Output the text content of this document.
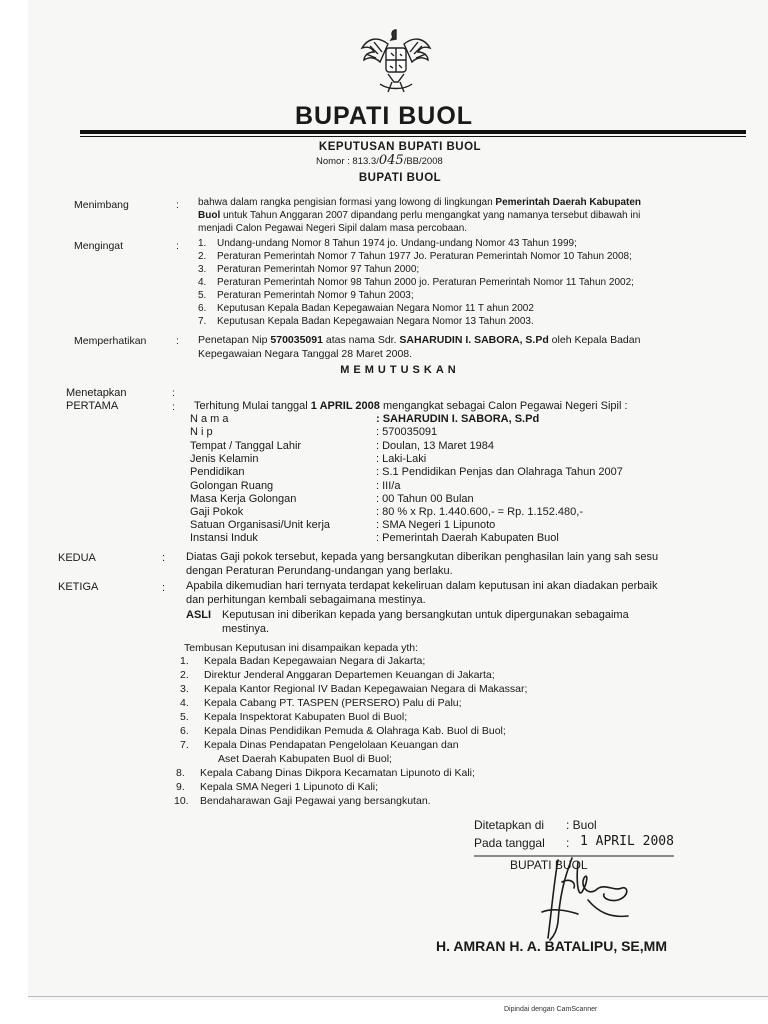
BUPATI BUOL
KEPUTUSAN BUPATI BUOL
Nomor : 813.3/045/BB/2008
BUPATI BUOL
Menimbang	: bahwa dalam rangka pengisian formasi yang lowong di lingkungan Pemerintah Daerah Kabupaten
Buol untuk Tahun Anggaran 2007 dipandang perlu mengangkat yang namanya tersebut dibawah ini
menjadi Calon Pegawai Negeri Sipil dalam masa percobaan.
Mengingat	: 1. Undang-undang Nomor 8 Tahun 1974 jo. Undang-undang Nomor 43 Tahun 1999;
2. Peraturan Pemerintah Nomor 7 Tahun 1977 Jo. Peraturan Pemerintah Nomor 10 Tahun 2008;
3. Peraturan Pemerintah Nomor 97 Tahun 2000;
4. Peraturan Pemerintah Nomor 98 Tahun 2000 jo. Peraturan Pemerintah Nomor 11 Tahun 2002;
5. Peraturan Pemerintah Nomor 9 Tahun 2003;
6. Keputusan Kepala Badan Kepegawaian Negara Nomor 11 T ahun 2002
7. Keputusan Kepala Badan Kepegawaian Negara Nomor 13 Tahun 2003.
Memperhatikan	: Penetapan Nip 570035091 atas nama Sdr. SAHARUDIN I. SABORA, S.Pd oleh Kepala Badan
Kepegawaian Negara Tanggal 28 Maret 2008.
MEMUTUSKAN
Menetapkan	:
PERTAMA	: Terhitung Mulai tanggal 1 APRIL 2008 mengangkat sebagai Calon Pegawai Negeri Sipil :
N a m a	: SAHARUDIN I. SABORA, S.Pd
N i p	: 570035091
Tempat / Tanggal Lahir	: Doulan, 13 Maret 1984
Jenis Kelamin	: Laki-Laki
Pendidikan	: S.1 Pendidikan Penjas dan Olahraga Tahun 2007
Golongan Ruang	: III/a
Masa Kerja Golongan	: 00 Tahun 00 Bulan
Gaji Pokok	: 80 % x Rp. 1.440.600,- = Rp. 1.152.480,-
Satuan Organisasi/Unit kerja	: SMA Negeri 1 Lipunoto
Instansi Induk	: Pemerintah Daerah Kabupaten Buol
KEDUA	: Diatas Gaji pokok tersebut, kepada yang bersangkutan diberikan penghasilan lain yang sah sesu
dengan Peraturan Perundang-undangan yang berlaku.
KETIGA	: Apabila dikemudian hari ternyata terdapat kekeliruan dalam keputusan ini akan diadakan perbaik
dan perhitungan kembali sebagaimana mestinya.
ASLI Keputusan ini diberikan kepada yang bersangkutan untuk dipergunakan sebagaima
mestinya.
Tembusan Keputusan ini disampaikan kepada yth:
1. Kepala Badan Kepegawaian Negara di Jakarta;
2. Direktur Jenderal Anggaran Departemen Keuangan di Jakarta;
3. Kepala Kantor Regional IV Badan Kepegawaian Negara di Makassar;
4. Kepala Cabang PT. TASPEN (PERSERO) Palu di Palu;
5. Kepala Inspektorat Kabupaten Buol di Buol;
6. Kepala Dinas Pendidikan Pemuda & Olahraga Kab. Buol di Buol;
7. Kepala Dinas Pendapatan Pengelolaan Keuangan dan
Aset Daerah Kabupaten Buol di Buol;
8. Kepala Cabang Dinas Dikpora Kecamatan Lipunoto di Kali;
9. Kepala SMA Negeri 1 Lipunoto di Kali;
10. Bendaharawan Gaji Pegawai yang bersangkutan.
Ditetapkan di : Buol
Pada tanggal : 1 APRIL 2008
BUPATI BUOL
H. AMRAN H. A. BATALIPU, SE,MM
Dipindai dengan CamScanner
